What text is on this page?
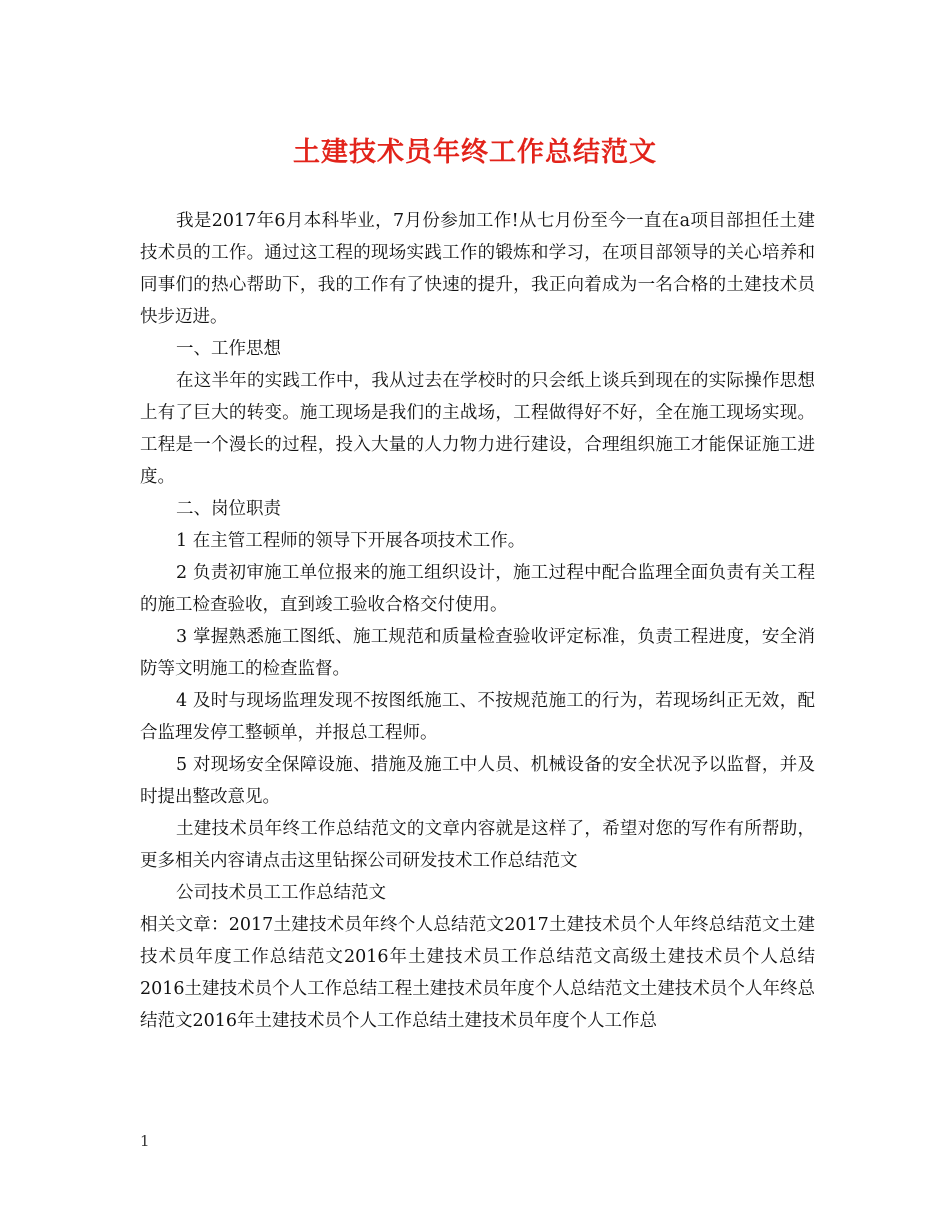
土建技术员年终工作总结范文

我是2017年6月本科毕业，7月份参加工作!从七月份至今一直在a项目部担任土建技术员的工作。通过这工程的现场实践工作的锻炼和学习，在项目部领导的关心培养和同事们的热心帮助下，我的工作有了快速的提升，我正向着成为一名合格的土建技术员快步迈进。

一、工作思想

在这半年的实践工作中，我从过去在学校时的只会纸上谈兵到现在的实际操作思想上有了巨大的转变。施工现场是我们的主战场，工程做得好不好，全在施工现场实现。工程是一个漫长的过程，投入大量的人力物力进行建设，合理组织施工才能保证施工进度。

二、岗位职责

1 在主管工程师的领导下开展各项技术工作。

2 负责初审施工单位报来的施工组织设计，施工过程中配合监理全面负责有关工程的施工检查验收，直到竣工验收合格交付使用。

3 掌握熟悉施工图纸、施工规范和质量检查验收评定标准，负责工程进度，安全消防等文明施工的检查监督。

4 及时与现场监理发现不按图纸施工、不按规范施工的行为，若现场纠正无效，配合监理发停工整顿单，并报总工程师。

5 对现场安全保障设施、措施及施工中人员、机械设备的安全状况予以监督，并及时提出整改意见。

土建技术员年终工作总结范文的文章内容就是这样了，希望对您的写作有所帮助，更多相关内容请点击这里钻探公司研发技术工作总结范文

公司技术员工工作总结范文

相关文章：2017土建技术员年终个人总结范文2017土建技术员个人年终总结范文土建技术员年度工作总结范文2016年土建技术员工作总结范文高级土建技术员个人总结2016土建技术员个人工作总结工程土建技术员年度个人总结范文土建技术员个人年终总结范文2016年土建技术员个人工作总结土建技术员年度个人工作总

1
